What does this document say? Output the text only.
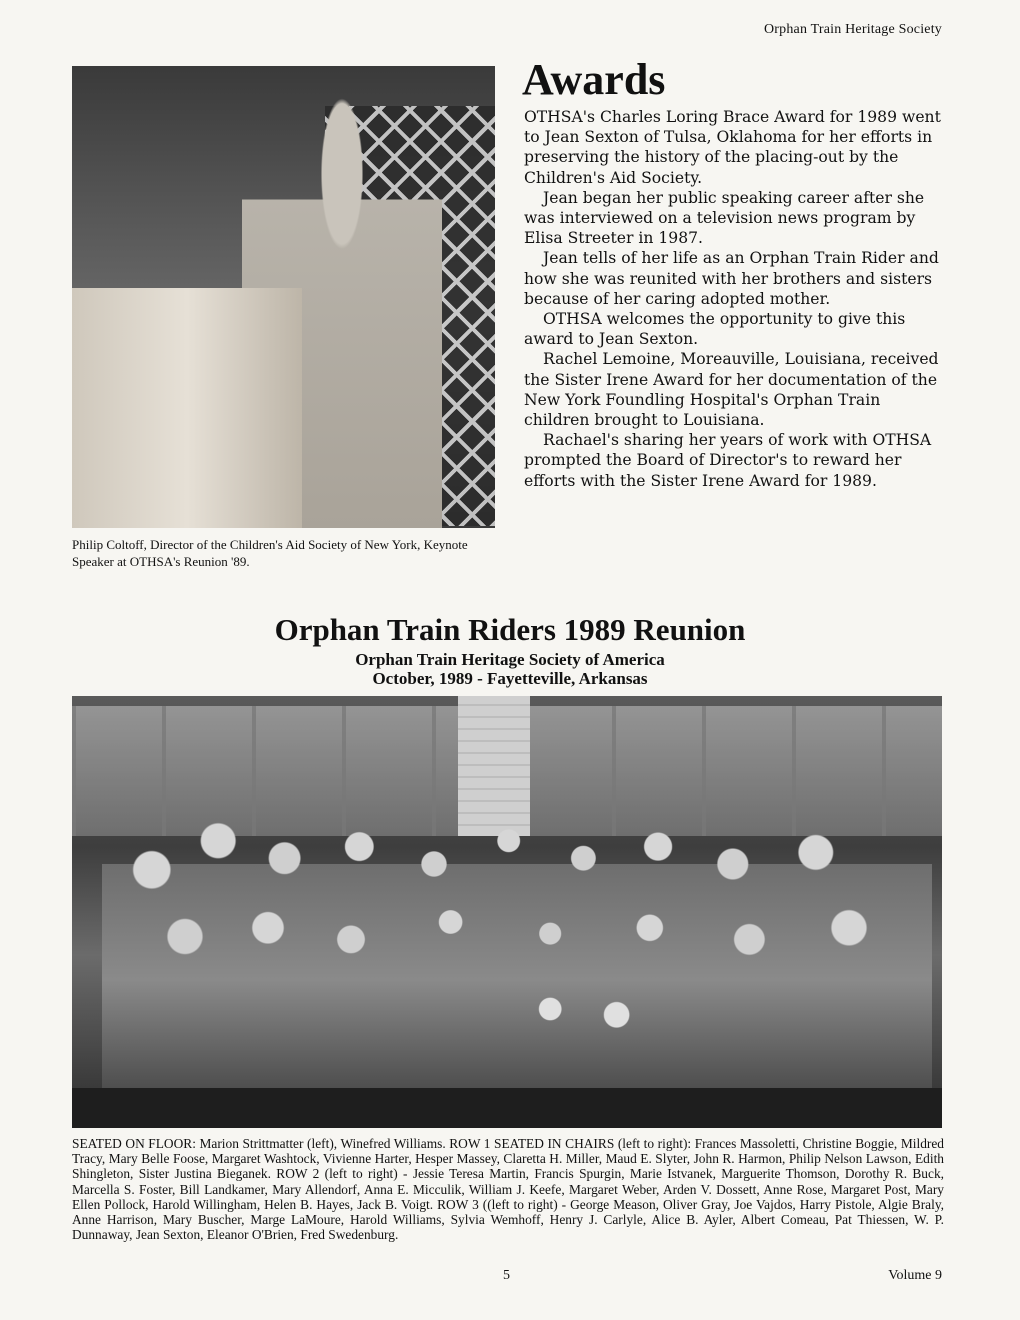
Orphan Train Heritage Society
Philip Coltoff, Director of the Children's Aid Society of New York, Keynote Speaker at OTHSA's Reunion '89.
Awards

OTHSA's Charles Loring Brace Award for 1989 went to Jean Sexton of Tulsa, Oklahoma for her efforts in preserving the history of the placing-out by the Children's Aid Society.

Jean began her public speaking career after she was interviewed on a television news program by Elisa Streeter in 1987.

Jean tells of her life as an Orphan Train Rider and how she was reunited with her brothers and sisters because of her caring adopted mother.

OTHSA welcomes the opportunity to give this award to Jean Sexton.

Rachel Lemoine, Moreauville, Louisiana, received the Sister Irene Award for her documentation of the New York Foundling Hospital's Orphan Train children brought to Louisiana.

Rachael's sharing her years of work with OTHSA prompted the Board of Director's to reward her efforts with the Sister Irene Award for 1989.

Orphan Train Riders 1989 Reunion
Orphan Train Heritage Society of America
October, 1989 - Fayetteville, Arkansas
SEATED ON FLOOR: Marion Strittmatter (left), Winefred Williams. ROW 1 SEATED IN CHAIRS (left to right): Frances Massoletti, Christine Boggie, Mildred Tracy, Mary Belle Foose, Margaret Washtock, Vivienne Harter, Hesper Massey, Claretta H. Miller, Maud E. Slyter, John R. Harmon, Philip Nelson Lawson, Edith Shingleton, Sister Justina Bieganek. ROW 2 (left to right) - Jessie Teresa Martin, Francis Spurgin, Marie Istvanek, Marguerite Thomson, Dorothy R. Buck, Marcella S. Foster, Bill Landkamer, Mary Allendorf, Anna E. Micculik, William J. Keefe, Margaret Weber, Arden V. Dossett, Anne Rose, Margaret Post, Mary Ellen Pollock, Harold Willingham, Helen B. Hayes, Jack B. Voigt. ROW 3 ((left to right) - George Meason, Oliver Gray, Joe Vajdos, Harry Pistole, Algie Braly, Anne Harrison, Mary Buscher, Marge LaMoure, Harold Williams, Sylvia Wemhoff, Henry J. Carlyle, Alice B. Ayler, Albert Comeau, Pat Thiessen, W. P. Dunnaway, Jean Sexton, Eleanor O'Brien, Fred Swedenburg.
5	Volume 9
